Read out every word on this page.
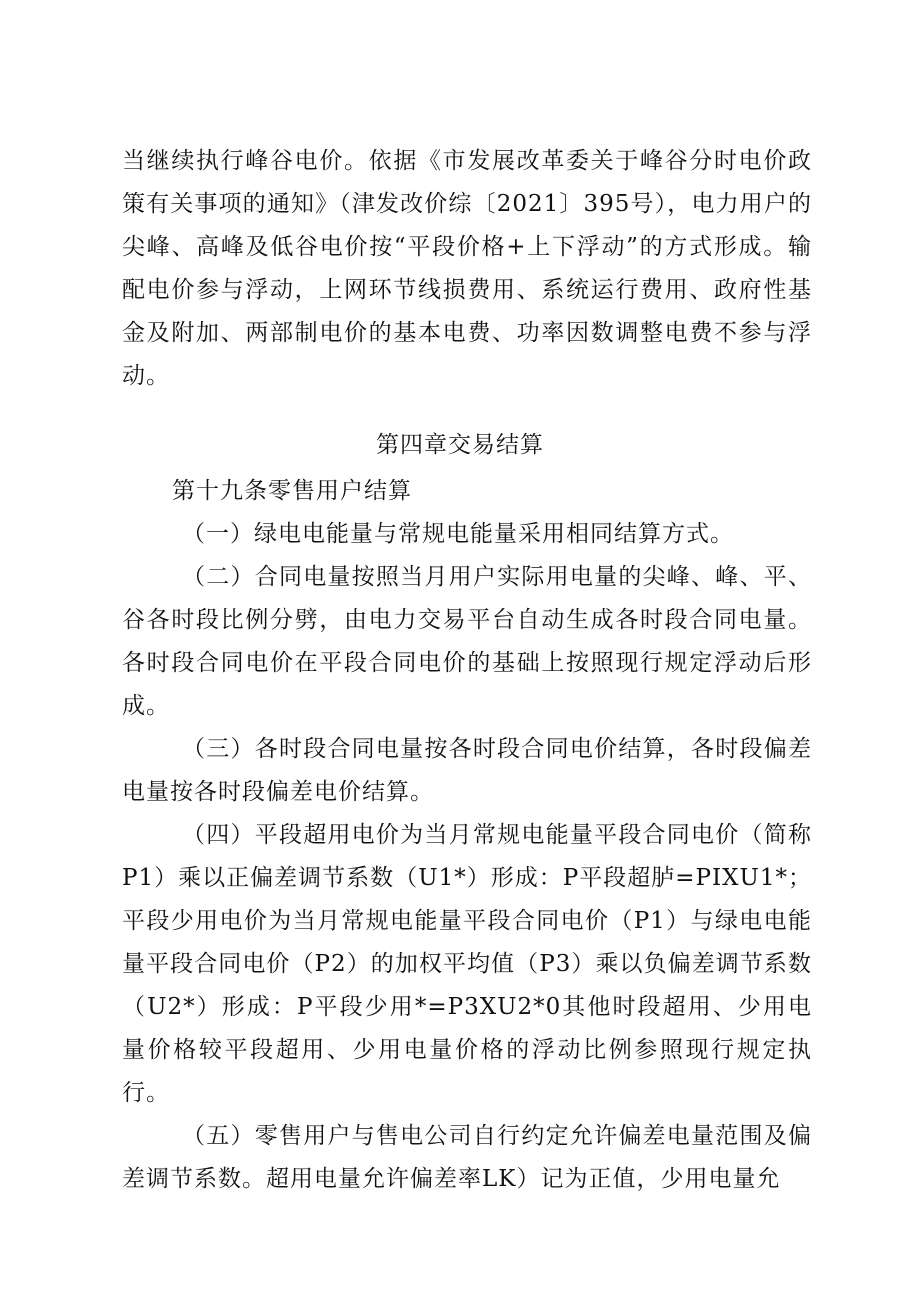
当继续执行峰谷电价。依据《市发展改革委关于峰谷分时电价政策有关事项的通知》（津发改价综〔2021〕395号），电力用户的尖峰、高峰及低谷电价按“平段价格+上下浮动”的方式形成。输配电价参与浮动，上网环节线损费用、系统运行费用、政府性基金及附加、两部制电价的基本电费、功率因数调整电费不参与浮动。

第四章交易结算
第十九条零售用户结算

（一）绿电电能量与常规电能量采用相同结算方式。

（二）合同电量按照当月用户实际用电量的尖峰、峰、平、谷各时段比例分劈，由电力交易平台自动生成各时段合同电量。各时段合同电价在平段合同电价的基础上按照现行规定浮动后形成。

（三）各时段合同电量按各时段合同电价结算，各时段偏差电量按各时段偏差电价结算。

（四）平段超用电价为当月常规电能量平段合同电价（简称P1）乘以正偏差调节系数（U1*）形成：P平段超胪=PIXU1*；平段少用电价为当月常规电能量平段合同电价（P1）与绿电电能量平段合同电价（P2）的加权平均值（P3）乘以负偏差调节系数（U2*）形成：P平段少用*=P3XU2*0其他时段超用、少用电量价格较平段超用、少用电量价格的浮动比例参照现行规定执行。

（五）零售用户与售电公司自行约定允许偏差电量范围及偏差调节系数。超用电量允许偏差率LK）记为正值，少用电量允
